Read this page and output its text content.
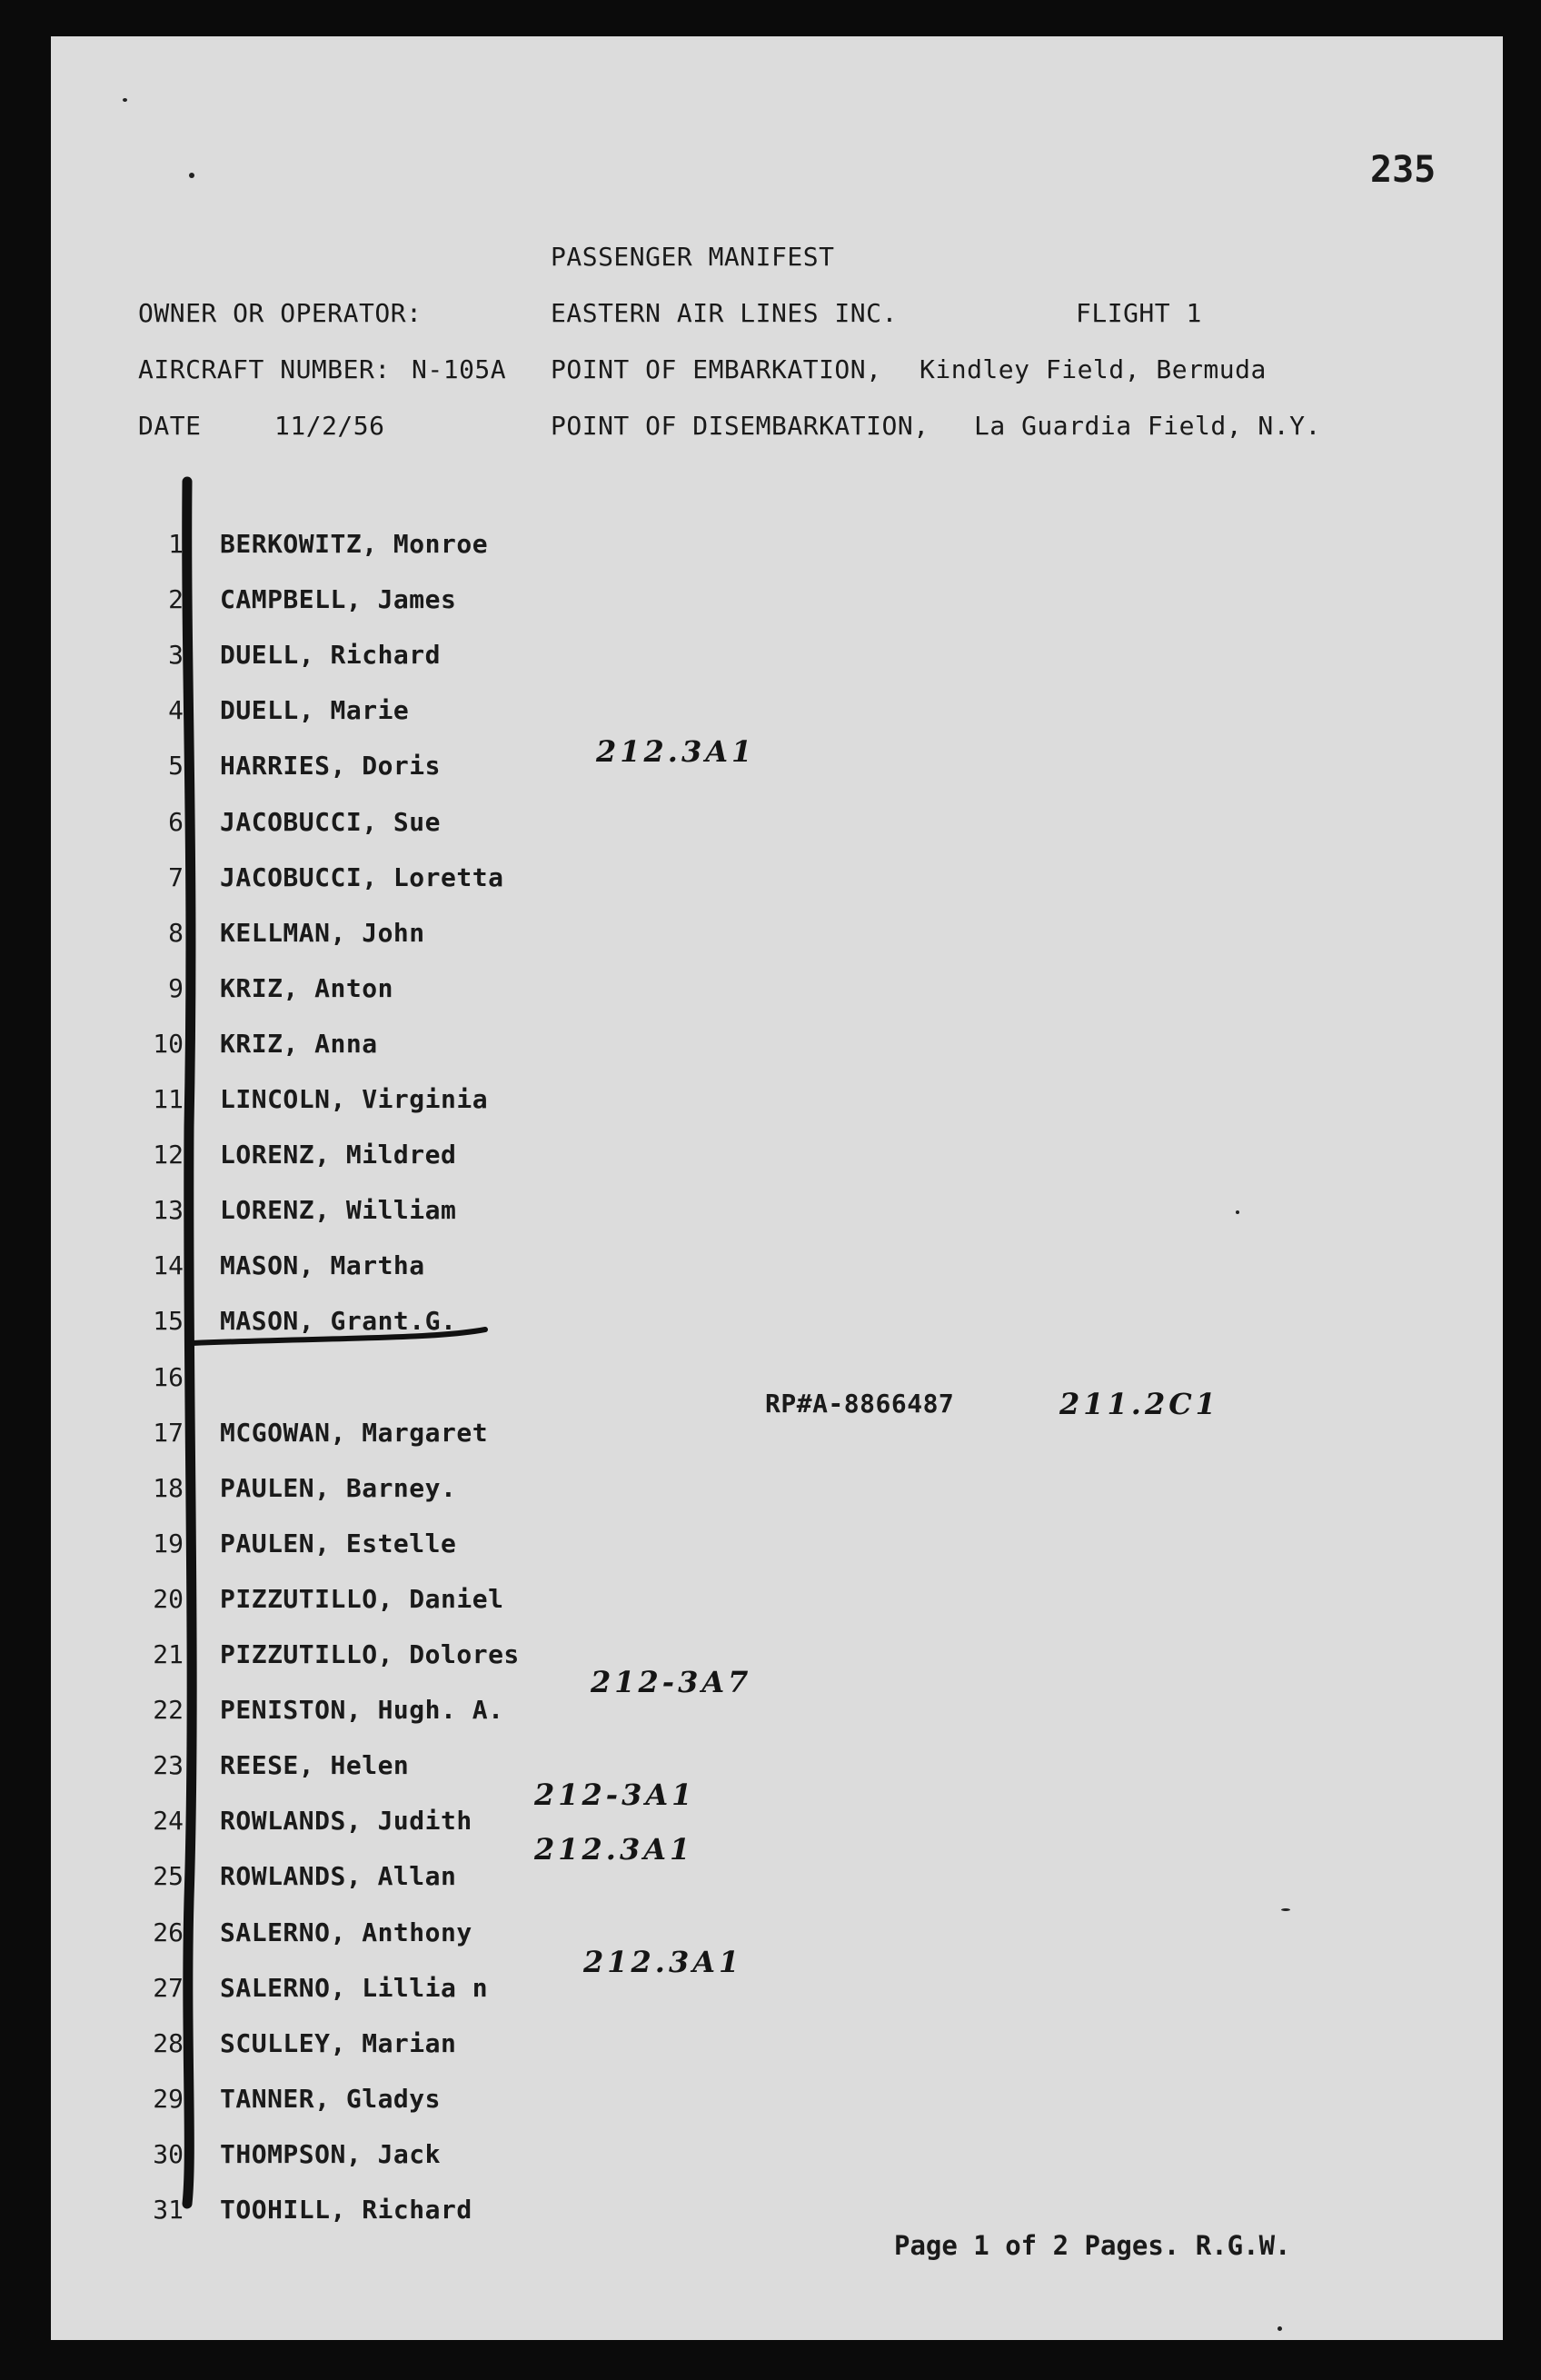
235
PASSENGER MANIFEST
OWNER OR OPERATOR:	EASTERN AIR LINES INC.	FLIGHT 1
AIRCRAFT NUMBER: N-105A POINT OF EMBARKATION, Kindley Field, Bermuda
DATE	11/2/56	POINT OF DISEMBARKATION, La Guardia Field, N.Y.
1 BERKOWITZ, Monroe
2 CAMPBELL, James
3 DUELL, Richard
4 DUELL, Marie
5 HARRIES, Doris
6 JACOBUCCI, Sue
7 JACOBUCCI, Loretta
8 KELLMAN, John
9 KRIZ, Anton
10 KRIZ, Anna
11 LINCOLN, Virginia
12 LORENZ, Mildred
13 LORENZ, William
14 MASON, Martha
15 MASON, Grant.G.
16
17 MCGOWAN, Margaret
18 PAULEN, Barney.
19 PAULEN, Estelle
20 PIZZUTILLO, Daniel
21 PIZZUTILLO, Dolores
22 PENISTON, Hugh. A.
23 REESE, Helen
24 ROWLANDS, Judith
25 ROWLANDS, Allan
26 SALERNO, Anthony
27 SALERNO, Lillia n
28 SCULLEY, Marian
29 TANNER, Gladys
30 THOMPSON, Jack
31 TOOHILL, Richard
212.3A1
RP#A-8866487	211.2C1
212-3A7
212-3A1
212.3A1
212.3A1
Page 1 of 2 Pages. R.G.W.
